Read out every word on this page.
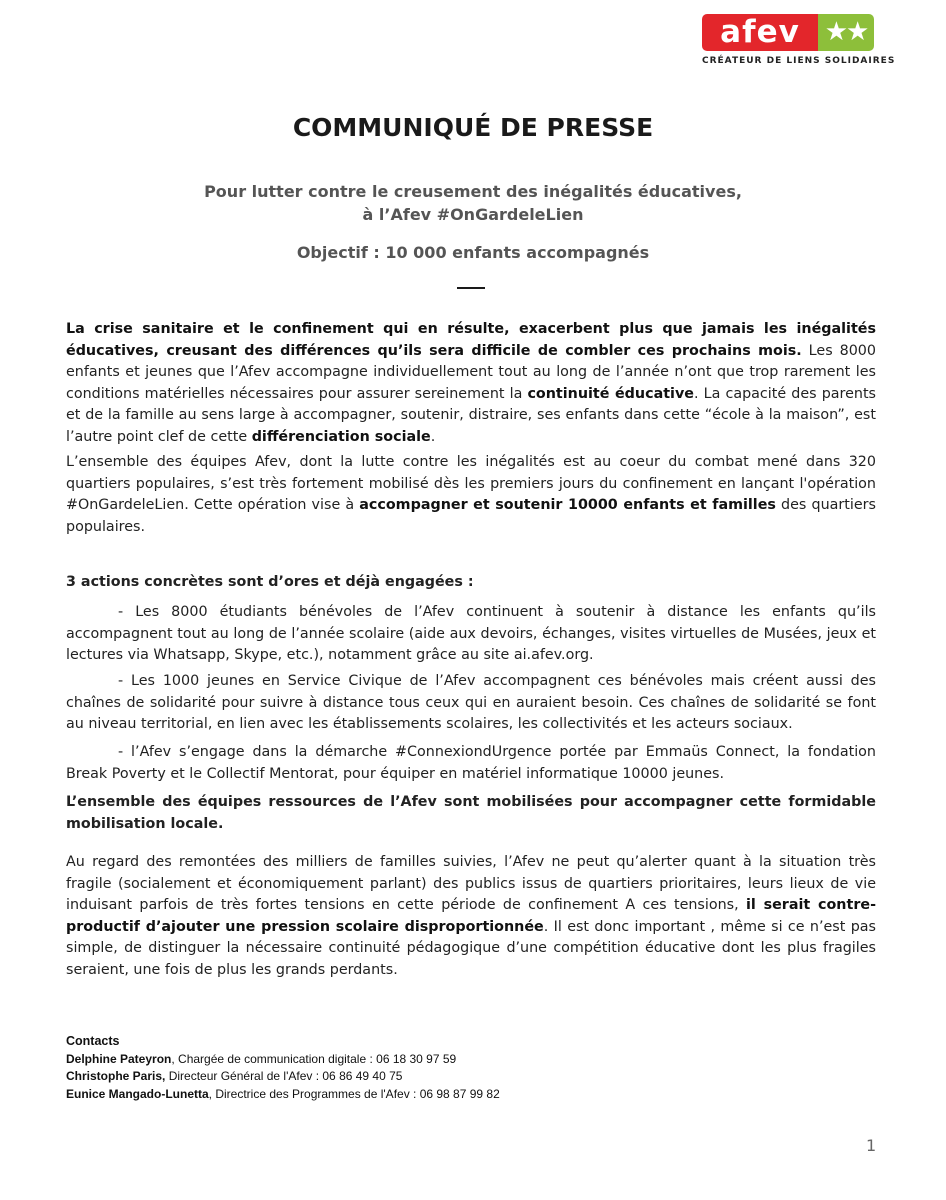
afev ★★
CRÉATEUR DE LIENS SOLIDAIRES
COMMUNIQUÉ DE PRESSE
Pour lutter contre le creusement des inégalités éducatives,
à l’Afev #OnGardeleLien
Objectif : 10 000 enfants accompagnés
La crise sanitaire et le confinement qui en résulte, exacerbent plus que jamais les inégalités éducatives, creusant des différences qu’ils sera difficile de combler ces prochains mois. Les 8000 enfants et jeunes que l’Afev accompagne individuellement tout au long de l’année n’ont que trop rarement les conditions matérielles nécessaires pour assurer sereinement la continuité éducative. La capacité des parents et de la famille au sens large à accompagner, soutenir, distraire, ses enfants dans cette “école à la maison”, est l’autre point clef de cette différenciation sociale.
L’ensemble des équipes Afev, dont la lutte contre les inégalités est au coeur du combat mené dans 320 quartiers populaires, s’est très fortement mobilisé dès les premiers jours du confinement en lançant l'opération #OnGardeleLien. Cette opération vise à accompagner et soutenir 10000 enfants et familles des quartiers populaires.
3 actions concrètes sont d’ores et déjà engagées :
- Les 8000 étudiants bénévoles de l’Afev continuent à soutenir à distance les enfants qu’ils accompagnent tout au long de l’année scolaire (aide aux devoirs, échanges, visites virtuelles de Musées, jeux et lectures via Whatsapp, Skype, etc.), notamment grâce au site ai.afev.org.
- Les 1000 jeunes en Service Civique de l’Afev accompagnent ces bénévoles mais créent aussi des chaînes de solidarité pour suivre à distance tous ceux qui en auraient besoin. Ces chaînes de solidarité se font au niveau territorial, en lien avec les établissements scolaires, les collectivités et les acteurs sociaux.
- l’Afev s’engage dans la démarche #ConnexiondUrgence portée par Emmaüs Connect, la fondation Break Poverty et le Collectif Mentorat, pour équiper en matériel informatique 10000 jeunes.
L’ensemble des équipes ressources de l’Afev sont mobilisées pour accompagner cette formidable mobilisation locale.
Au regard des remontées des milliers de familles suivies, l’Afev ne peut qu’alerter quant à la situation très fragile (socialement et économiquement parlant) des publics issus de quartiers prioritaires, leurs lieux de vie induisant parfois de très fortes tensions en cette période de confinement A ces tensions, il serait contre-productif d’ajouter une pression scolaire disproportionnée. Il est donc important , même si ce n’est pas simple, de distinguer la nécessaire continuité pédagogique d’une compétition éducative dont les plus fragiles seraient, une fois de plus les grands perdants.
Contacts
Delphine Pateyron, Chargée de communication digitale : 06 18 30 97 59
Christophe Paris, Directeur Général de l'Afev : 06 86 49 40 75
Eunice Mangado-Lunetta, Directrice des Programmes de l'Afev : 06 98 87 99 82
1
